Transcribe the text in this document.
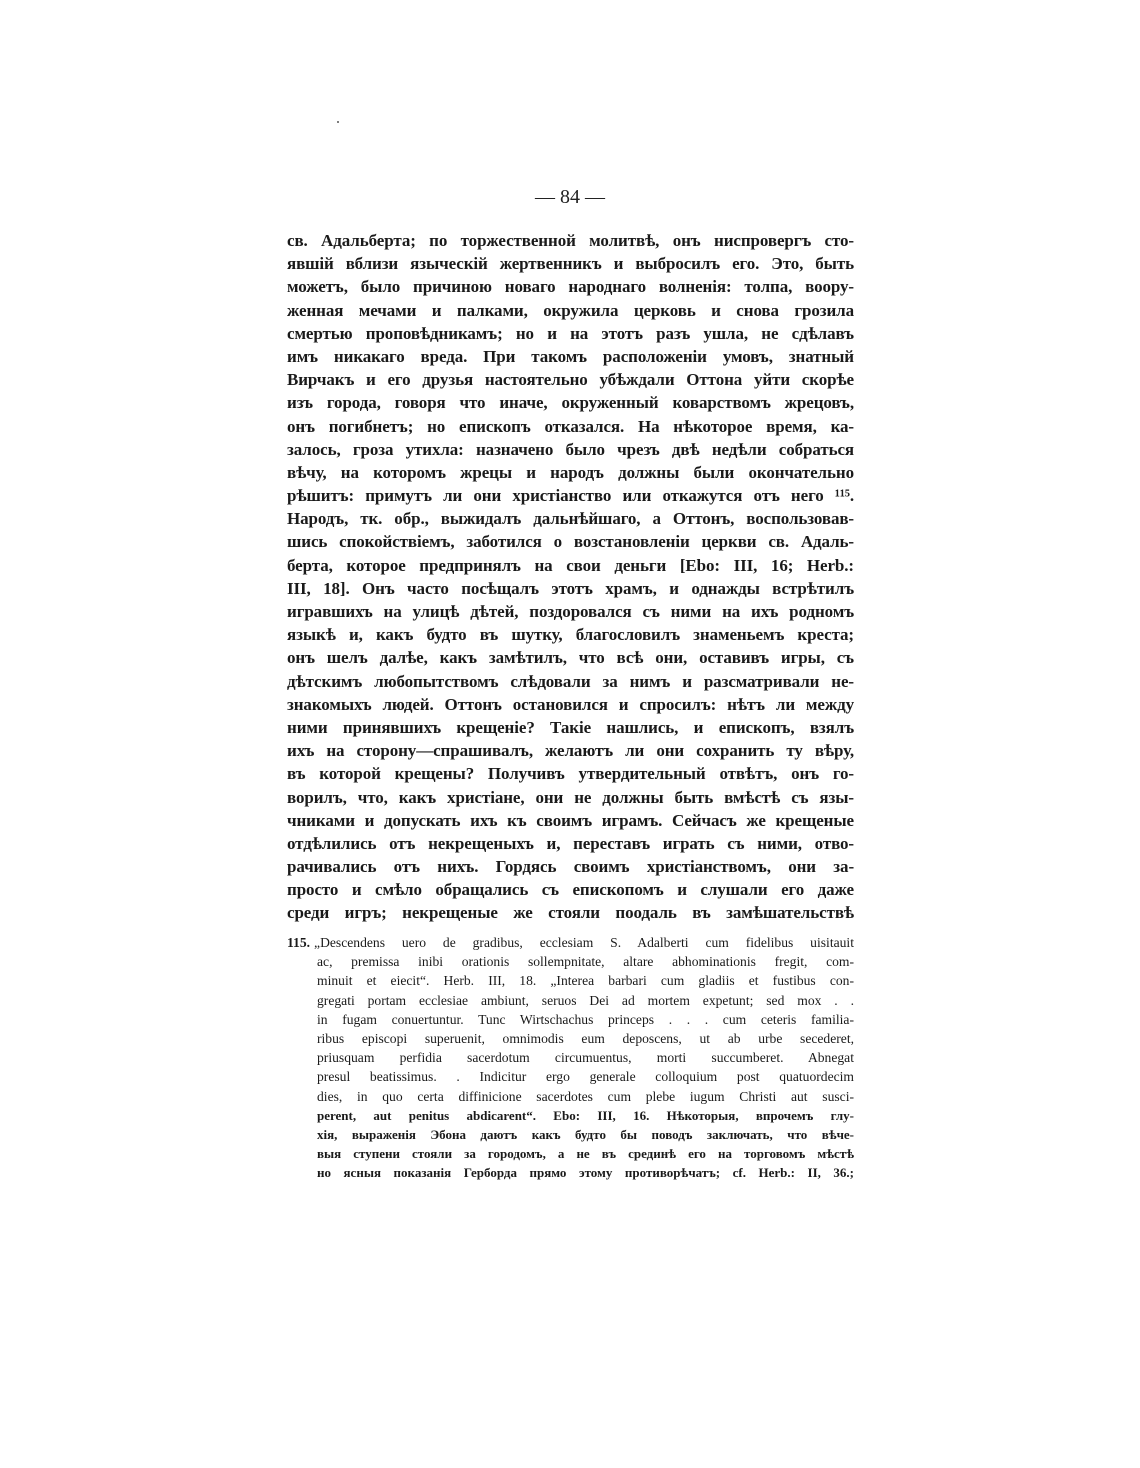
— 84 —
св. Адальберта; по торжественной молитвѣ, онъ ниспровергъ сто-
явшій вблизи языческій жертвенникъ и выбросилъ его. Это, быть
можетъ, было причиною новаго народнаго волненія: толпа, воору-
женная мечами и палками, окружила церковь и снова грозила
смертью проповѣдникамъ; но и на этотъ разъ ушла, не сдѣлавъ
имъ никакаго вреда. При такомъ расположеніи умовъ, знатный
Вирчакъ и его друзья настоятельно убѣждали Оттона уйти скорѣе
изъ города, говоря что иначе, окруженный коварствомъ жрецовъ,
онъ погибнетъ; но епископъ отказался. На нѣкоторое время, ка-
залось, гроза утихла: назначено было чрезъ двѣ недѣли собраться
вѣчу, на которомъ жрецы и народъ должны были окончательно
рѣшитъ: примутъ ли они христіанство или откажутся отъ него ¹¹⁵.
Народъ, тк. обр., выжидалъ дальнѣйшаго, а Оттонъ, воспользовав-
шись спокойствіемъ, заботился о возстановленіи церкви св. Адаль-
берта, которое предпринялъ на свои деньги [Ebo: III, 16; Herb.:
III, 18]. Онъ часто посѣщалъ этотъ храмъ, и однажды встрѣтилъ
игравшихъ на улицѣ дѣтей, поздоровался съ ними на ихъ родномъ
языкѣ и, какъ будто въ шутку, благословилъ знаменьемъ креста;
онъ шелъ далѣе, какъ замѣтилъ, что всѣ они, оставивъ игры, съ
дѣтскимъ любопытствомъ слѣдовали за нимъ и разсматривали не-
знакомыхъ людей. Оттонъ остановился и спросилъ: нѣтъ ли между
ними принявшихъ крещеніе? Такіе нашлись, и епископъ, взялъ
ихъ на сторону—спрашивалъ, желаютъ ли они сохранить ту вѣру,
въ которой крещены? Получивъ утвердительный отвѣтъ, онъ го-
ворилъ, что, какъ христіане, они не должны быть вмѣстѣ съ язы-
чниками и допускать ихъ къ своимъ играмъ. Сейчасъ же крещеные
отдѣлились отъ некрещеныхъ и, переставъ играть съ ними, отво-
рачивались отъ нихъ. Гордясь своимъ христіанствомъ, они за-
просто и смѣло обращались съ епископомъ и слушали его даже
среди игръ; некрещеные же стояли поодаль въ замѣшательствѣ
115. „Descendens uero de gradibus, ecclesiam S. Adalberti cum fidelibus uisitauit
ac, premissa inibi orationis sollempnitate, altare abhominationis fregit, com-
minuit et eiecit“. Herb. III, 18. „Interea barbari cum gladiis et fustibus con-
gregati portam ecclesiae ambiunt, seruos Dei ad mortem expetunt; sed mox . .
in fugam conuertuntur. Tunc Wirtschachus princeps . . . cum ceteris familia-
ribus episcopi superuenit, omnimodis eum deposcens, ut ab urbe secederet,
priusquam perfidia sacerdotum circumuentus, morti succumberet. Abnegat
presul beatissimus. . Indicitur ergo generale colloquium post quatuordecim
dies, in quo certa diffinicione sacerdotes cum plebe iugum Christi aut susci-
perent, aut penitus abdicarent“. Ebo: III, 16. Нѣкоторыя, впрочемъ глу-
хія, выраженія Эбона даютъ какъ будто бы поводъ заключать, что вѣче-
выя ступени стояли за городомъ, а не въ срединѣ его на торговомъ мѣстѣ
но ясныя показанія Герборда прямо этому противорѣчатъ; cf. Herb.: II, 36.;
